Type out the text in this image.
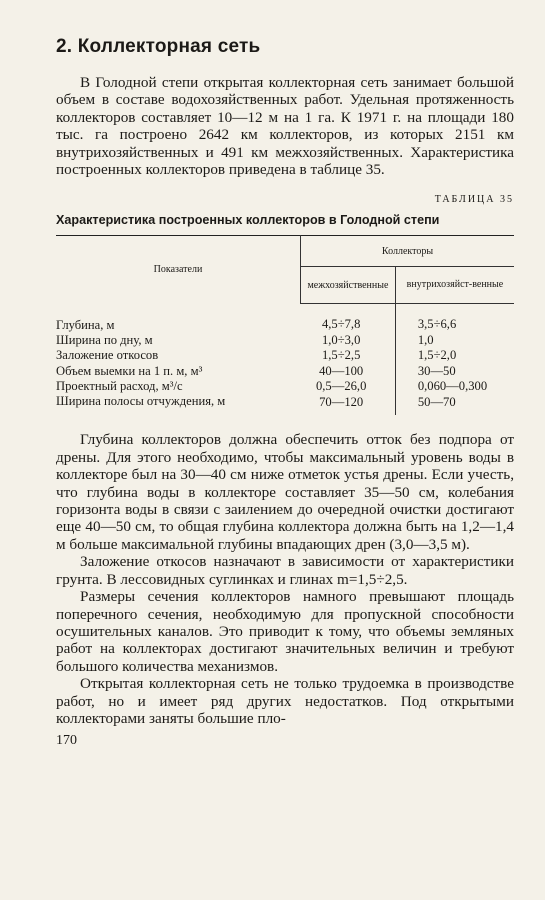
2. Коллекторная сеть

В Голодной степи открытая коллекторная сеть занимает большой объем в составе водохозяйственных работ. Удельная протяженность коллекторов составляет 10—12 м на 1 га. К 1971 г. на площади 180 тыс. га построено 2642 км коллекторов, из которых 2151 км внутрихозяйственных и 491 км межхозяйственных. Характеристика построенных коллекторов приведена в таблице 35.

ТАБЛИЦА 35
Характеристика построенных коллекторов в Голодной степи
Показатели	Коллекторы	
	межхозяйственные	внутрихозяйст-венные
Глубина, м	4,5÷7,8	3,5÷6,6
Ширина по дну, м	1,0÷3,0	1,0
Заложение откосов	1,5÷2,5	1,5÷2,0
Объем выемки на 1 п. м, м³	40—100	30—50
Проектный расход, м³/с	0,5—26,0	0,060—0,300
Ширина полосы отчуждения, м	70—120	50—70

Глубина коллекторов должна обеспечить отток без подпора от дрены. Для этого необходимо, чтобы максимальный уровень воды в коллекторе был на 30—40 см ниже отметок устья дрены. Если учесть, что глубина воды в коллекторе составляет 35—50 см, колебания горизонта воды в связи с заилением до очередной очистки достигают еще 40—50 см, то общая глубина коллектора должна быть на 1,2—1,4 м больше максимальной глубины впадающих дрен (3,0—3,5 м).

Заложение откосов назначают в зависимости от характеристики грунта. В лессовидных суглинках и глинах m=1,5÷2,5.

Размеры сечения коллекторов намного превышают площадь поперечного сечения, необходимую для пропускной способности осушительных каналов. Это приводит к тому, что объемы земляных работ на коллекторах достигают значительных величин и требуют большого количества механизмов.

Открытая коллекторная сеть не только трудоемка в производстве работ, но и имеет ряд других недостатков. Под открытыми коллекторами заняты большие пло-

170
